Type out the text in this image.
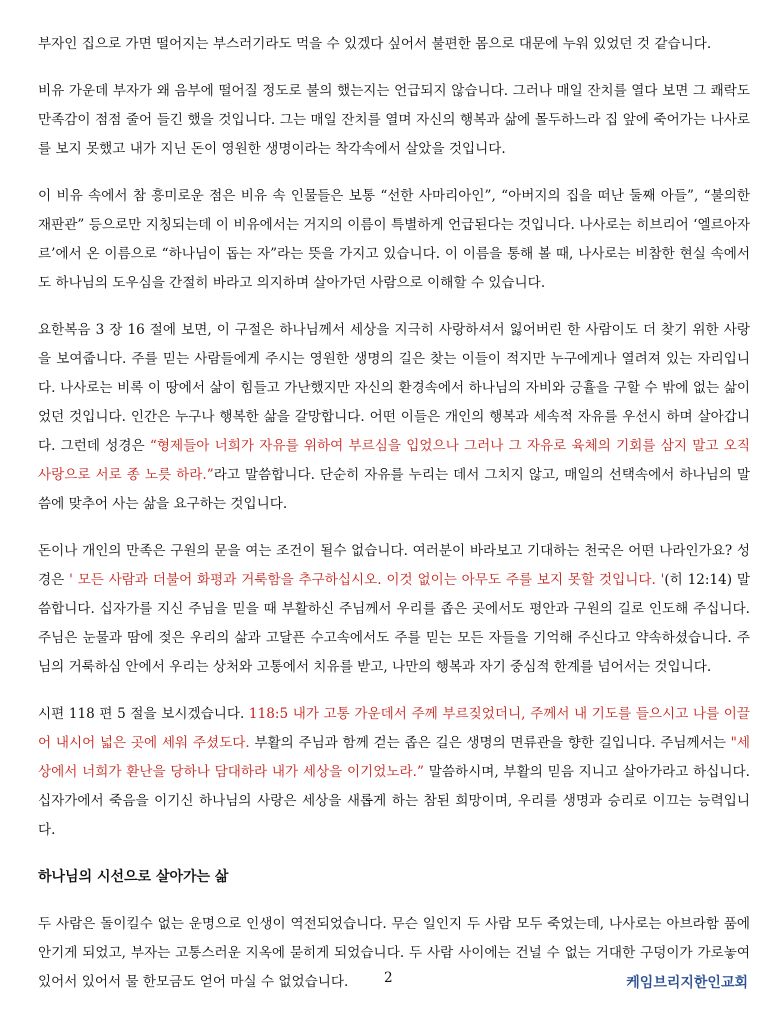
부자인 집으로 가면 떨어지는 부스러기라도 먹을 수 있겠다 싶어서 불편한 몸으로 대문에 누워 있었던 것 같습니다.

비유 가운데 부자가 왜 음부에 떨어질 정도로 불의 했는지는 언급되지 않습니다. 그러나 매일 잔치를 열다 보면 그 쾌락도 만족감이 점점 줄어 들긴 했을 것입니다. 그는 매일 잔치를 열며 자신의 행복과 삶에 몰두하느라 집 앞에 죽어가는 나사로를 보지 못했고 내가 지닌 돈이 영원한 생명이라는 착각속에서 살았을 것입니다.

이 비유 속에서 참 흥미로운 점은 비유 속 인물들은 보통 “선한 사마리아인”, “아버지의 집을 떠난 둘째 아들”, “불의한 재판관” 등으로만 지칭되는데 이 비유에서는 거지의 이름이 특별하게 언급된다는 것입니다. 나사로는 히브리어 ‘엘르아자르’에서 온 이름으로 “하나님이 돕는 자”라는 뜻을 가지고 있습니다. 이 이름을 통해 볼 때, 나사로는 비참한 현실 속에서도 하나님의 도우심을 간절히 바라고 의지하며 살아가던 사람으로 이해할 수 있습니다.

요한복음 3 장 16 절에 보면, 이 구절은 하나님께서 세상을 지극히 사랑하셔서 잃어버린 한 사람이도 더 찾기 위한 사랑을 보여줍니다. 주를 믿는 사람들에게 주시는 영원한 생명의 길은 찾는 이들이 적지만 누구에게나 열려져 있는 자리입니다. 나사로는 비록 이 땅에서 삶이 힘들고 가난했지만 자신의 환경속에서 하나님의 자비와 긍휼을 구할 수 밖에 없는 삶이었던 것입니다. 인간은 누구나 행복한 삶을 갈망합니다. 어떤 이들은 개인의 행복과 세속적 자유를 우선시 하며 살아갑니다. 그런데 성경은 “형제들아 너희가 자유를 위하여 부르심을 입었으나 그러나 그 자유로 육체의 기회를 삼지 말고 오직 사랑으로 서로 종 노릇 하라.”라고 말씀합니다. 단순히 자유를 누리는 데서 그치지 않고, 매일의 선택속에서 하나님의 말씀에 맞추어 사는 삶을 요구하는 것입니다.

돈이나 개인의 만족은 구원의 문을 여는 조건이 될수 없습니다. 여러분이 바라보고 기대하는 천국은 어떤 나라인가요? 성경은 ' 모든 사람과 더불어 화평과 거룩함을 추구하십시오. 이것 없이는 아무도 주를 보지 못할 것입니다. '(히 12:14) 말씀합니다. 십자가를 지신 주님을 믿을 때 부활하신 주님께서 우리를 좁은 곳에서도 평안과 구원의 길로 인도해 주십니다. 주님은 눈물과 땀에 젖은 우리의 삶과 고달픈 수고속에서도 주를 믿는 모든 자들을 기억해 주신다고 약속하셨습니다. 주님의 거룩하심 안에서 우리는 상처와 고통에서 치유를 받고, 나만의 행복과 자기 중심적 한계를 넘어서는 것입니다.

시편 118 편 5 절을 보시겠습니다. 118:5 내가 고통 가운데서 주께 부르짖었더니, 주께서 내 기도를 들으시고 나를 이끌어 내시어 넓은 곳에 세워 주셨도다. 부활의 주님과 함께 걷는 좁은 길은 생명의 면류관을 향한 길입니다. 주님께서는 "세상에서 너희가 환난을 당하나 담대하라 내가 세상을 이기었노라.” 말씀하시며, 부활의 믿음 지니고 살아가라고 하십니다. 십자가에서 죽음을 이기신 하나님의 사랑은 세상을 새롭게 하는 참된 희망이며, 우리를 생명과 승리로 이끄는 능력입니다.

하나님의 시선으로 살아가는 삶

두 사람은 돌이킬수 없는 운명으로 인생이 역전되었습니다. 무슨 일인지 두 사람 모두 죽었는데, 나사로는 아브라함 품에 안기게 되었고, 부자는 고통스러운 지옥에 묻히게 되었습니다. 두 사람 사이에는 건널 수 없는 거대한 구덩이가 가로놓여 있어서 있어서 물 한모금도 얻어 마실 수 없었습니다.	2	케임브리지한인교회
